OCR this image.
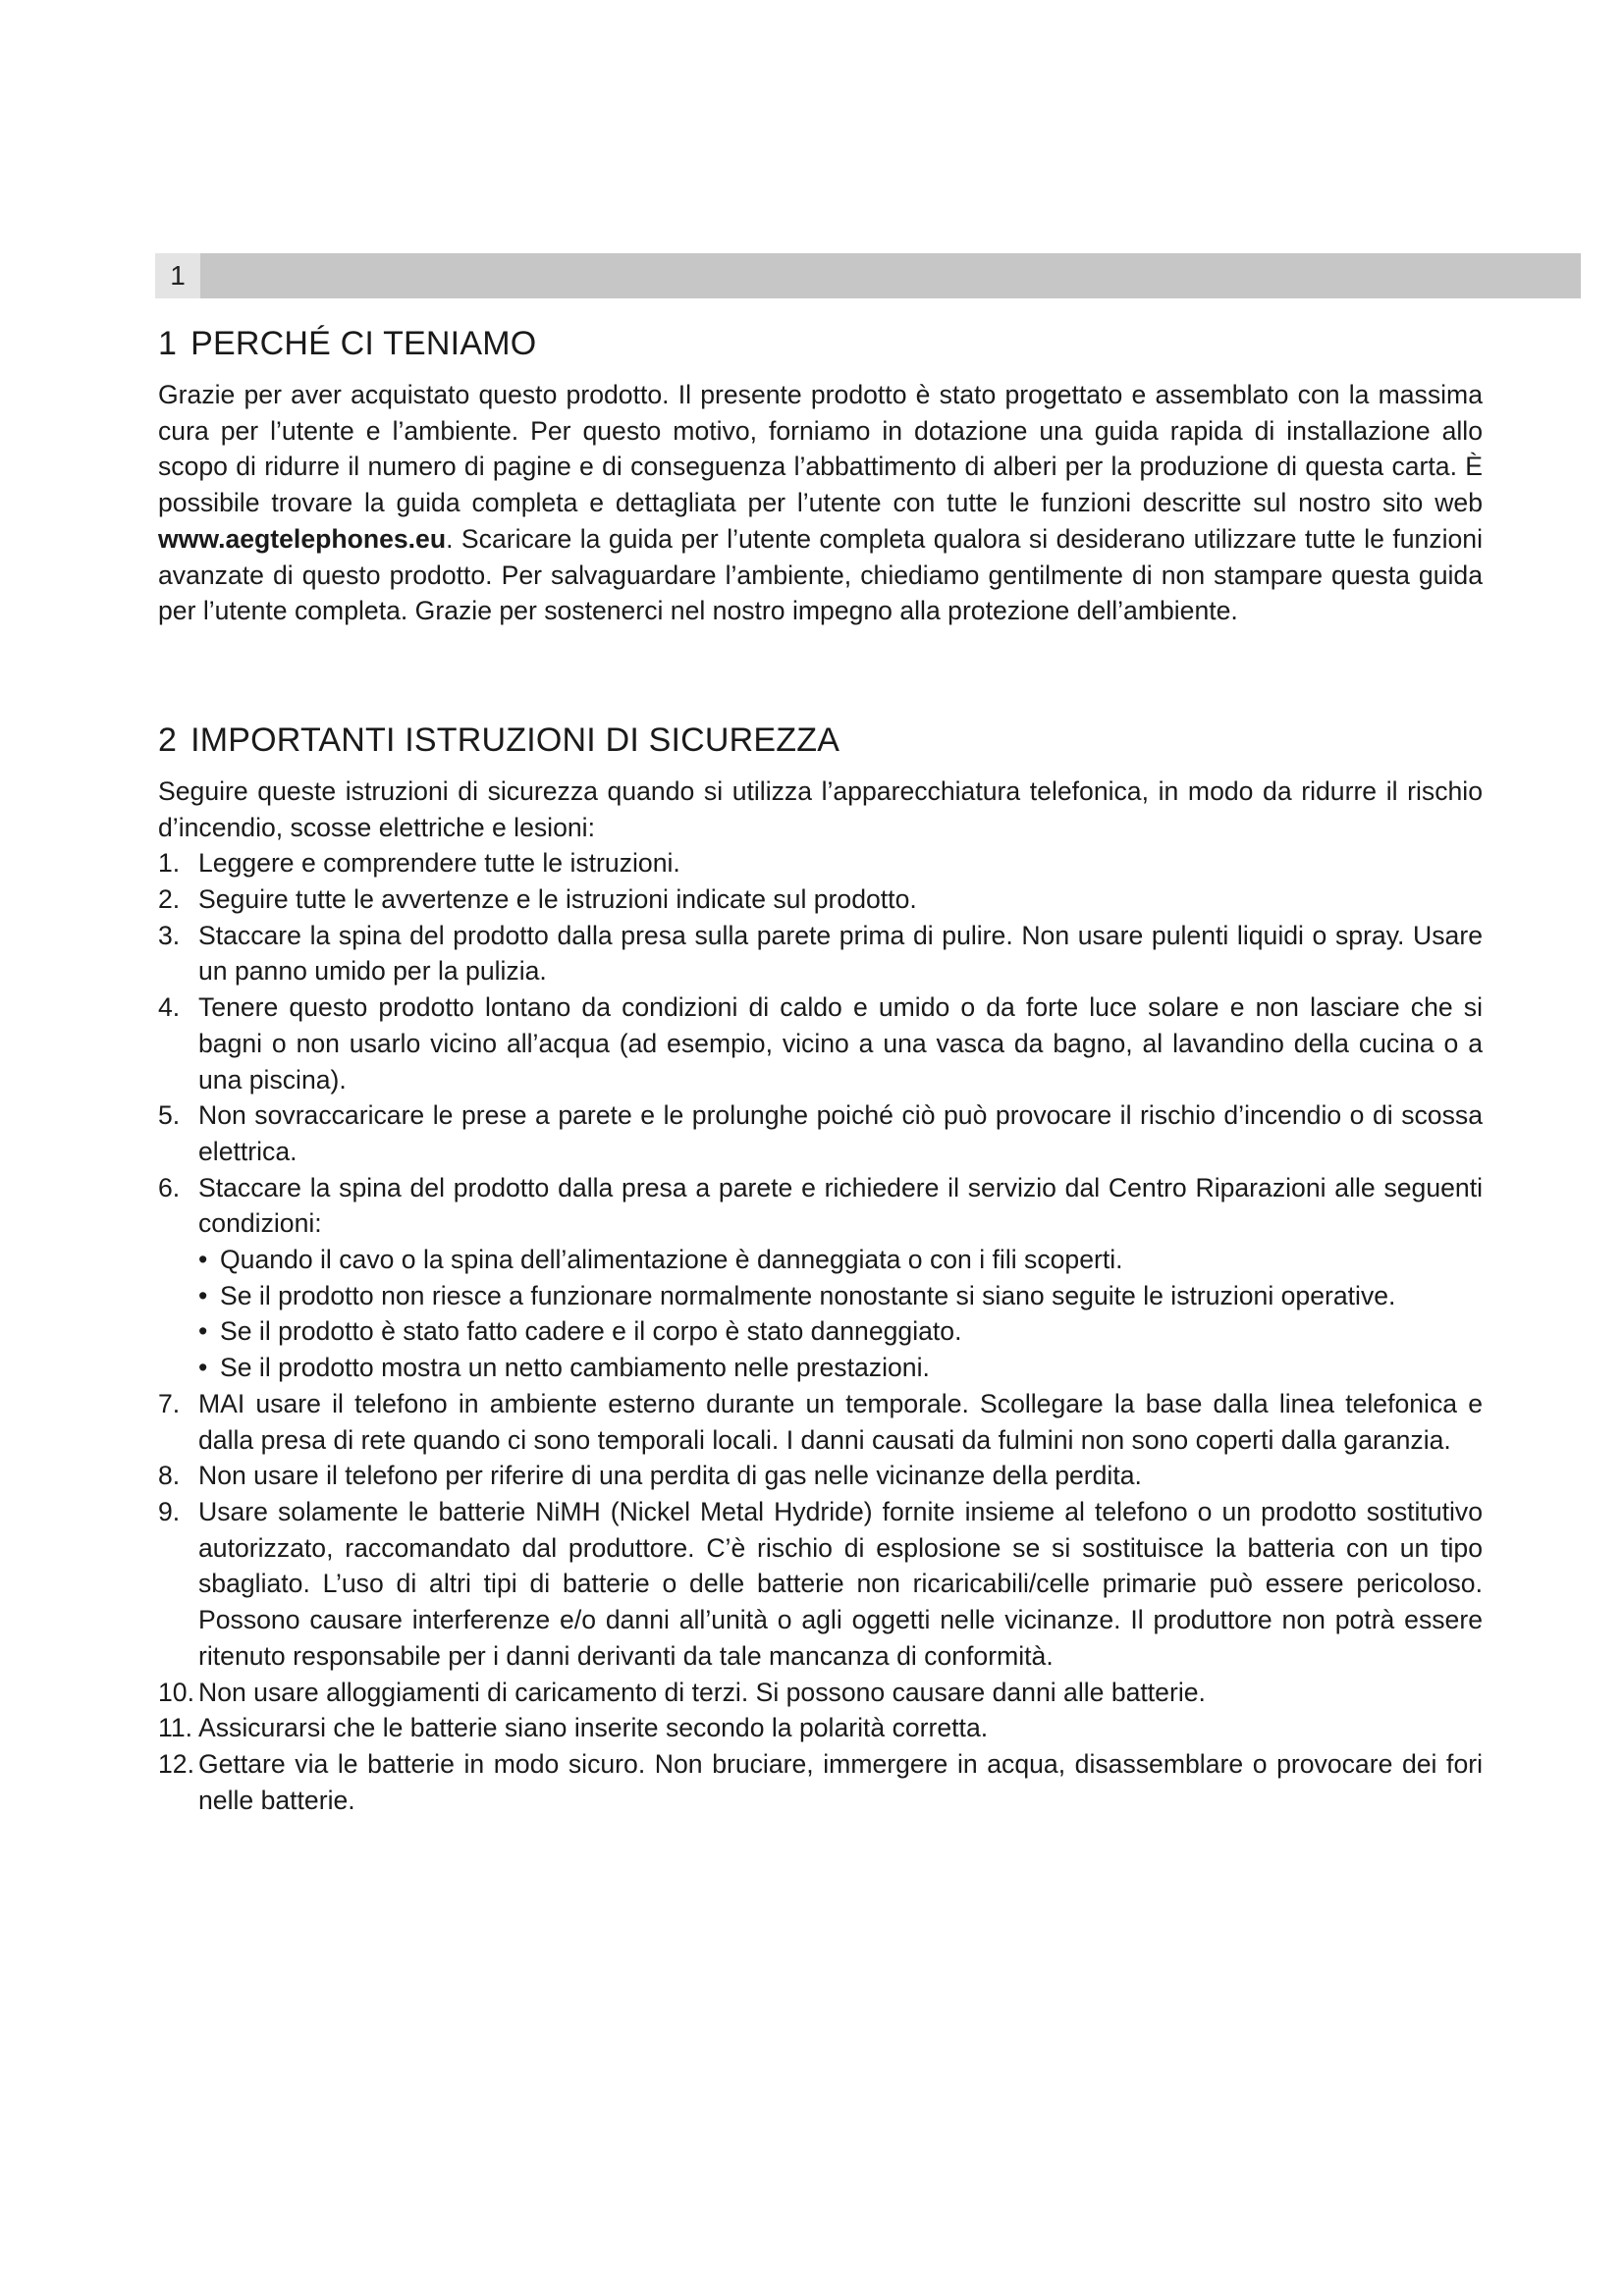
1
1 PERCHÉ CI TENIAMO

Grazie per aver acquistato questo prodotto. Il presente prodotto è stato progettato e assemblato con la massima cura per l’utente e l’ambiente. Per questo motivo, forniamo in dotazione una guida rapida di installazione allo scopo di ridurre il numero di pagine e di conseguenza l’abbattimento di alberi per la produzione di questa carta. È possibile trovare la guida completa e dettagliata per l’utente con tutte le funzioni descritte sul nostro sito web www.aegtelephones.eu. Scaricare la guida per l’utente completa qualora si desiderano utilizzare tutte le funzioni avanzate di questo prodotto. Per salvaguardare l’ambiente, chiediamo gentilmente di non stampare questa guida per l’utente completa. Grazie per sostenerci nel nostro impegno alla protezione dell’ambiente.

2 IMPORTANTI ISTRUZIONI DI SICUREZZA

Seguire queste istruzioni di sicurezza quando si utilizza l’apparecchiatura telefonica, in modo da ridurre il rischio d’incendio, scosse elettriche e lesioni:

1. Leggere e comprendere tutte le istruzioni.
2. Seguire tutte le avvertenze e le istruzioni indicate sul prodotto.
3. Staccare la spina del prodotto dalla presa sulla parete prima di pulire. Non usare pulenti liquidi o spray. Usare un panno umido per la pulizia.
4. Tenere questo prodotto lontano da condizioni di caldo e umido o da forte luce solare e non lasciare che si bagni o non usarlo vicino all’acqua (ad esempio, vicino a una vasca da bagno, al lavandino della cucina o a una piscina).
5. Non sovraccaricare le prese a parete e le prolunghe poiché ciò può provocare il rischio d’incendio o di scossa elettrica.
6. Staccare la spina del prodotto dalla presa a parete e richiedere il servizio dal Centro Riparazioni alle seguenti condizioni:
• Quando il cavo o la spina dell’alimentazione è danneggiata o con i fili scoperti.
• Se il prodotto non riesce a funzionare normalmente nonostante si siano seguite le istruzioni operative.
• Se il prodotto è stato fatto cadere e il corpo è stato danneggiato.
• Se il prodotto mostra un netto cambiamento nelle prestazioni.
7. MAI usare il telefono in ambiente esterno durante un temporale. Scollegare la base dalla linea telefonica e dalla presa di rete quando ci sono temporali locali. I danni causati da fulmini non sono coperti dalla garanzia.
8. Non usare il telefono per riferire di una perdita di gas nelle vicinanze della perdita.
9. Usare solamente le batterie NiMH (Nickel Metal Hydride) fornite insieme al telefono o un prodotto sostitutivo autorizzato, raccomandato dal produttore. C’è rischio di esplosione se si sostituisce la batteria con un tipo sbagliato. L’uso di altri tipi di batterie o delle batterie non ricaricabili/celle primarie può essere pericoloso. Possono causare interferenze e/o danni all’unità o agli oggetti nelle vicinanze. Il produttore non potrà essere ritenuto responsabile per i danni derivanti da tale mancanza di conformità.
10. Non usare alloggiamenti di caricamento di terzi. Si possono causare danni alle batterie.
11. Assicurarsi che le batterie siano inserite secondo la polarità corretta.
12. Gettare via le batterie in modo sicuro. Non bruciare, immergere in acqua, disassemblare o provocare dei fori nelle batterie.
